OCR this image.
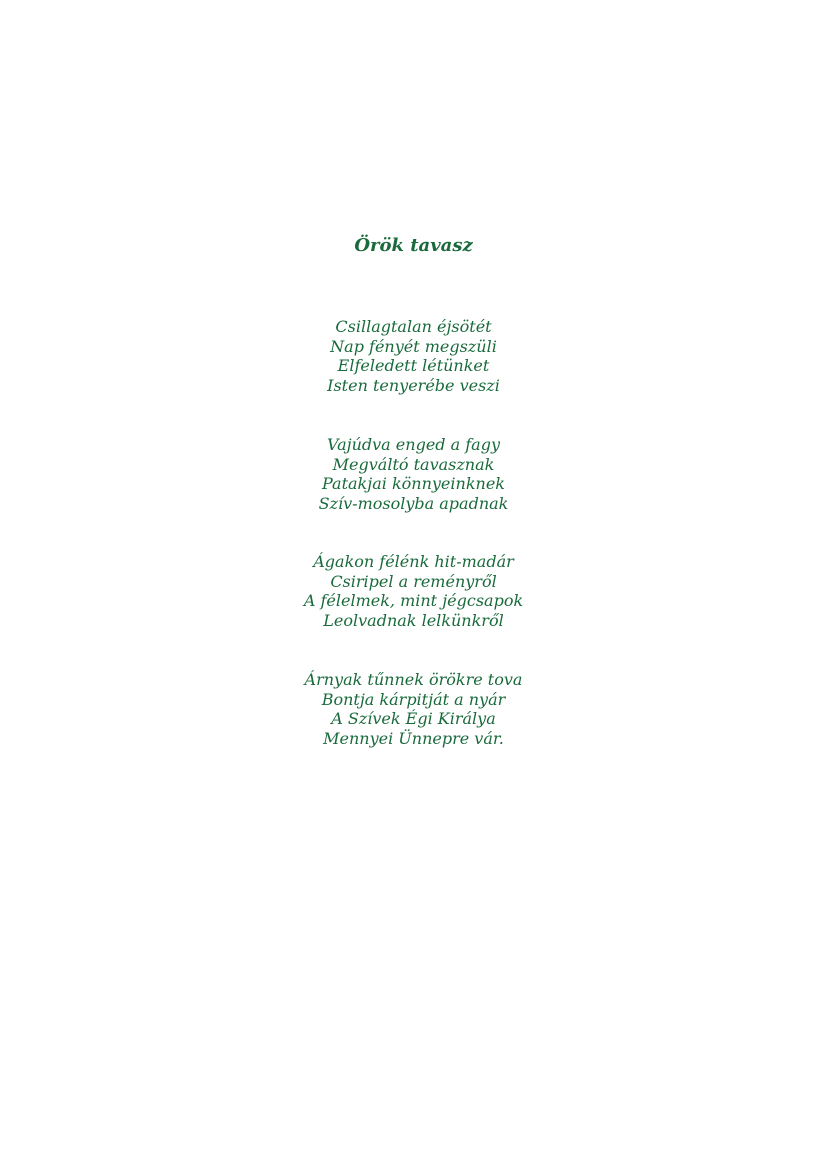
Örök tavasz
Csillagtalan éjsötét
Nap fényét megszüli
Elfeledett létünket
Isten tenyerébe veszi
Vajúdva enged a fagy
Megváltó tavasznak
Patakjai könnyeinknek
Szív-mosolyba apadnak
Ágakon félénk hit-madár
Csiripel a reményről
A félelmek, mint jégcsapok
Leolvadnak lelkünkről
Árnyak tűnnek örökre tova
Bontja kárpitját a nyár
A Szívek Égi Királya
Mennyei Ünnepre vár.
